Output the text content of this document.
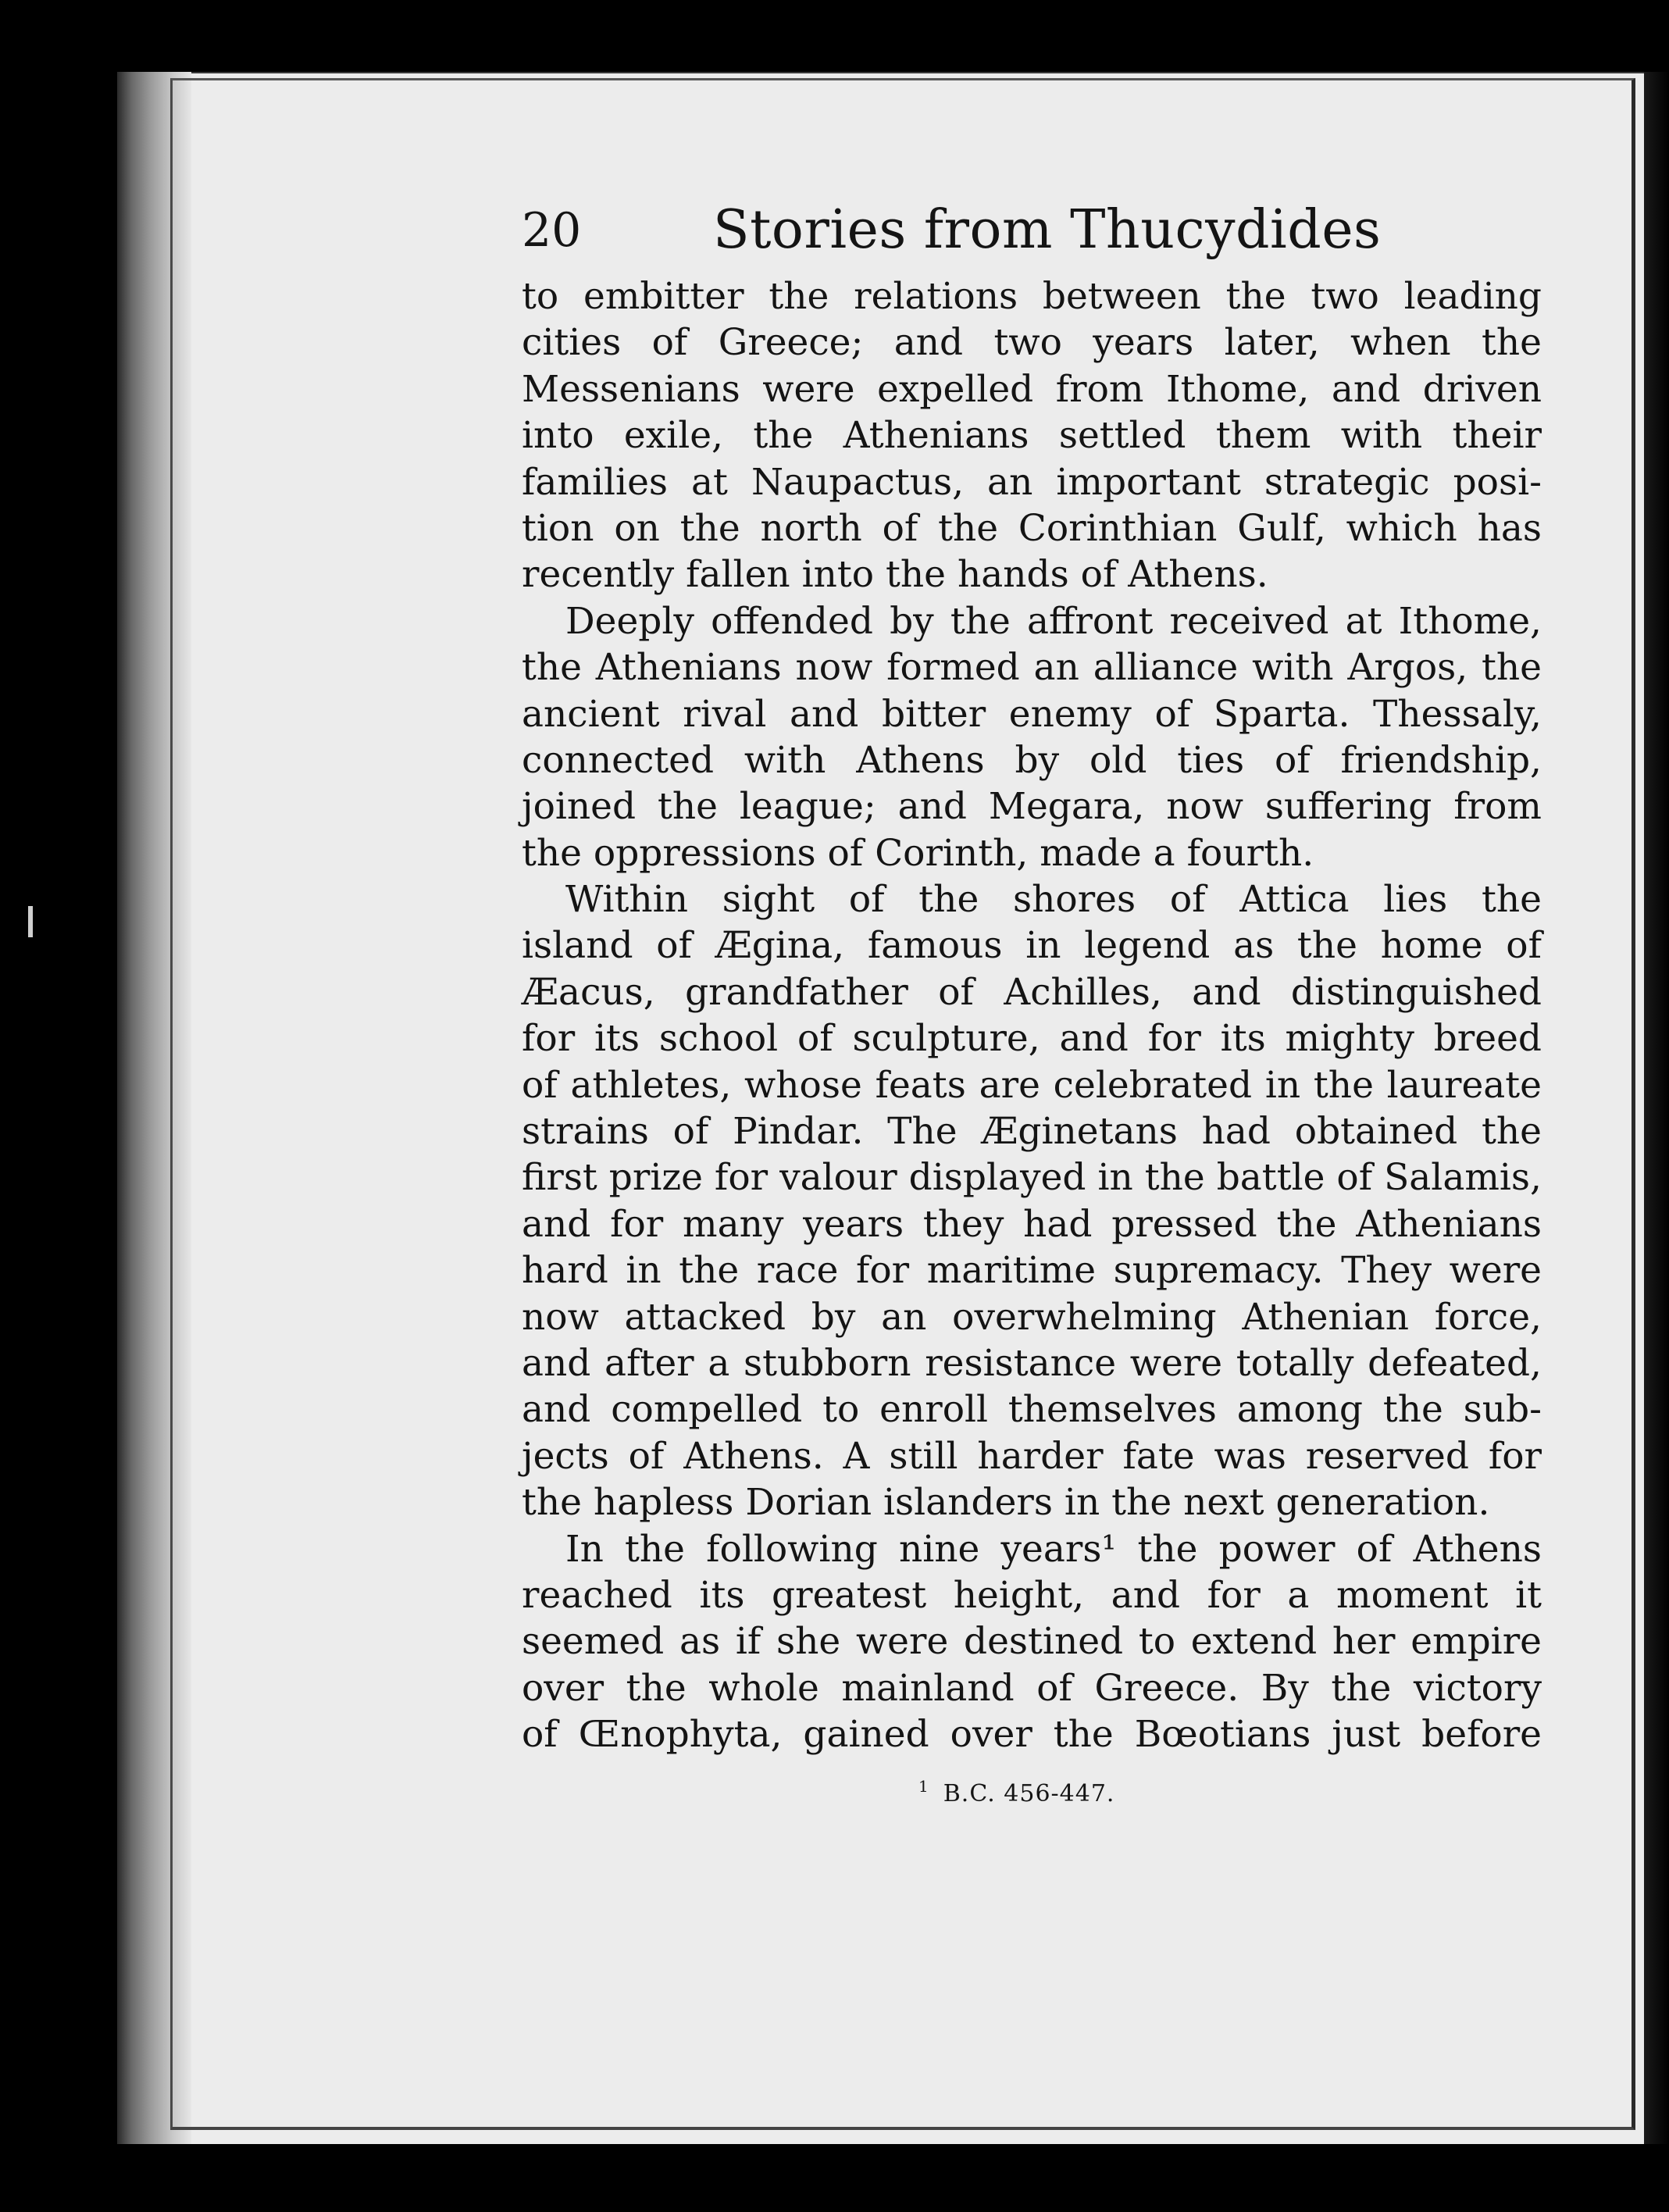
20 Stories from Thucydides
to embitter the relations between the two leading
cities of Greece; and two years later, when the
Messenians were expelled from Ithome, and driven
into exile, the Athenians settled them with their
families at Naupactus, an important strategic posi-
tion on the north of the Corinthian Gulf, which has
recently fallen into the hands of Athens.
Deeply offended by the affront received at Ithome,
the Athenians now formed an alliance with Argos, the
ancient rival and bitter enemy of Sparta. Thessaly,
connected with Athens by old ties of friendship,
joined the league; and Megara, now suffering from
the oppressions of Corinth, made a fourth.
Within sight of the shores of Attica lies the
island of Ægina, famous in legend as the home of
Æacus, grandfather of Achilles, and distinguished
for its school of sculpture, and for its mighty breed
of athletes, whose feats are celebrated in the laureate
strains of Pindar. The Æginetans had obtained the
first prize for valour displayed in the battle of Salamis,
and for many years they had pressed the Athenians
hard in the race for maritime supremacy. They were
now attacked by an overwhelming Athenian force,
and after a stubborn resistance were totally defeated,
and compelled to enroll themselves among the sub-
jects of Athens. A still harder fate was reserved for
the hapless Dorian islanders in the next generation.
In the following nine years¹ the power of Athens
reached its greatest height, and for a moment it
seemed as if she were destined to extend her empire
over the whole mainland of Greece. By the victory
of Œnophyta, gained over the Bœotians just before
$^1$ B.C. 456-447.
